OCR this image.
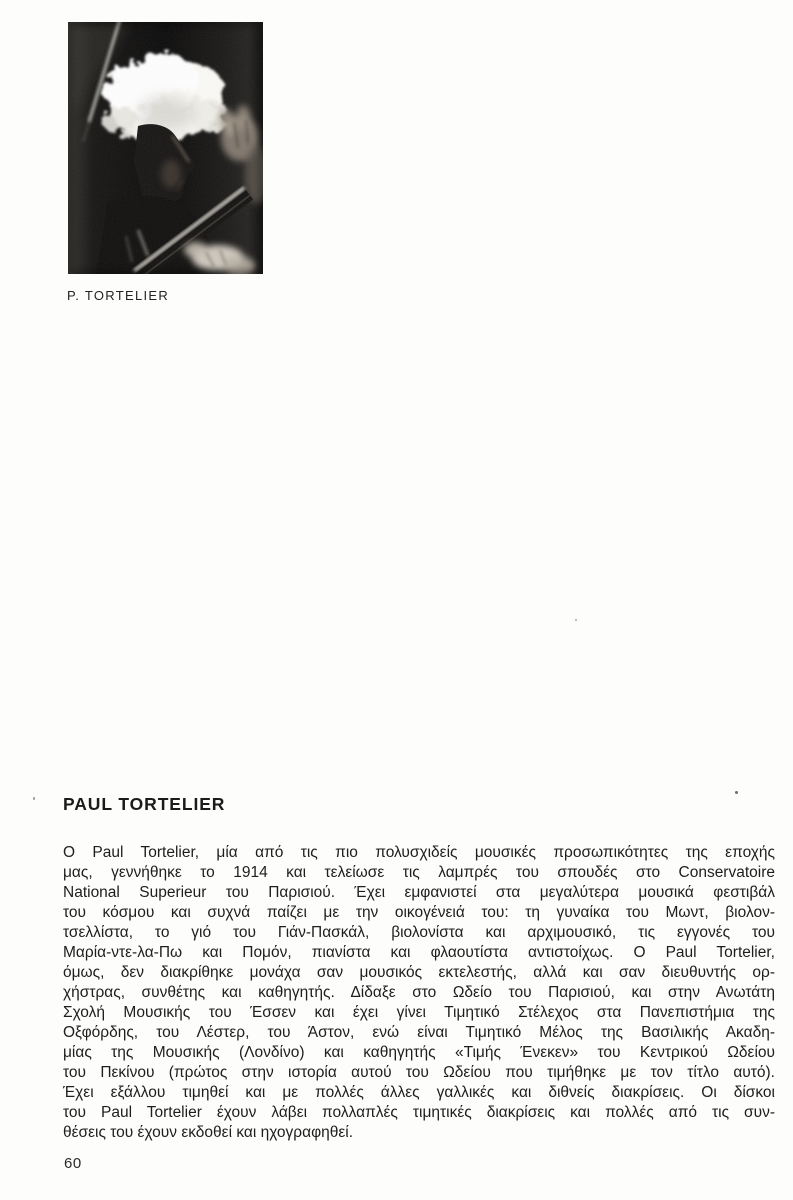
P. TORTELIER
PAUL TORTELIER
Ο Paul Tortelier, μία από τις πιο πολυσχιδείς μουσικές προσωπικότητες της εποχής
μας, γεννήθηκε το 1914 και τελείωσε τις λαμπρές του σπουδές στο Conservatoire
National Superieur του Παρισιού. Έχει εμφανιστεί στα μεγαλύτερα μουσικά φεστιβάλ
του κόσμου και συχνά παίζει με την οικογένειά του: τη γυναίκα του Μωντ, βιολον-
τσελλίστα, το γιό του Γιάν-Πασκάλ, βιολονίστα και αρχιμουσικό, τις εγγονές του
Μαρία-ντε-λα-Πω και Πομόν, πιανίστα και φλαουτίστα αντιστοίχως. Ο Paul Tortelier,
όμως, δεν διακρίθηκε μονάχα σαν μουσικός εκτελεστής, αλλά και σαν διευθυντής ορ-
χήστρας, συνθέτης και καθηγητής. Δίδαξε στο Ωδείο του Παρισιού, και στην Ανωτάτη
Σχολή Μουσικής του Έσσεν και έχει γίνει Τιμητικό Στέλεχος στα Πανεπιστήμια της
Οξφόρδης, του Λέστερ, του Άστον, ενώ είναι Τιμητικό Μέλος της Βασιλικής Ακαδη-
μίας της Μουσικής (Λονδίνο) και καθηγητής «Τιμής Ένεκεν» του Κεντρικού Ωδείου
του Πεκίνου (πρώτος στην ιστορία αυτού του Ωδείου που τιμήθηκε με τον τίτλο αυτό).
Έχει εξάλλου τιμηθεί και με πολλές άλλες γαλλικές και διθνείς διακρίσεις. Οι δίσκοι
του Paul Tortelier έχουν λάβει πολλαπλές τιμητικές διακρίσεις και πολλές από τις συν-
θέσεις του έχουν εκδοθεί και ηχογραφηθεί.
60
